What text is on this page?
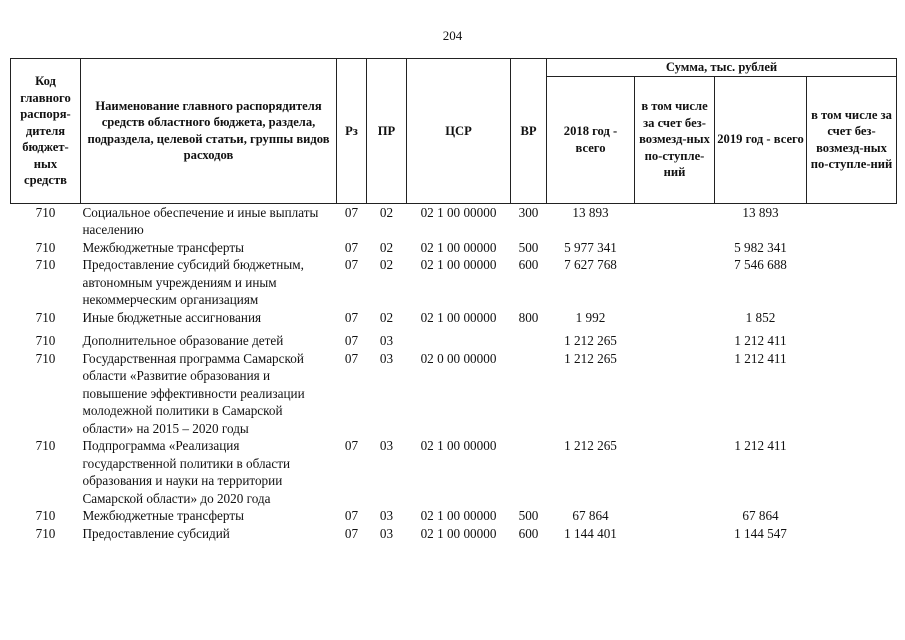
204
Код главного распоря-дителя бюджет-ных средств	Наименование главного распорядителя средств областного бюджета, раздела, подраздела, целевой статьи, группы видов расходов	Рз	ПР	ЦСР	ВР	Сумма, тыс. рублей			
						2018 год - всего	в том числе за счет без-возмезд-ных по-ступле-ний	2019 год - всего	в том числе за счет без-возмезд-ных по-ступле-ний
710	Социальное обеспечение и иные выплаты населению	07	02	02 1 00 00000	300	13 893		13 893	
710	Межбюджетные трансферты	07	02	02 1 00 00000	500	5 977 341		5 982 341	
710	Предоставление субсидий бюджетным, автономным учреждениям и иным некоммерческим организациям	07	02	02 1 00 00000	600	7 627 768		7 546 688	
710	Иные бюджетные ассигнования	07	02	02 1 00 00000	800	1 992		1 852	
710	Дополнительное образование детей	07	03			1 212 265		1 212 411	
710	Государственная программа Самарской области «Развитие образования и повышение эффективности реализации молодежной политики в Самарской области» на 2015 – 2020 годы	07	03	02 0 00 00000		1 212 265		1 212 411	
710	Подпрограмма «Реализация государственной политики в области образования и науки на территории Самарской области» до 2020 года	07	03	02 1 00 00000		1 212 265		1 212 411	
710	Межбюджетные трансферты	07	03	02 1 00 00000	500	67 864		67 864	
710	Предоставление субсидий	07	03	02 1 00 00000	600	1 144 401		1 144 547	
